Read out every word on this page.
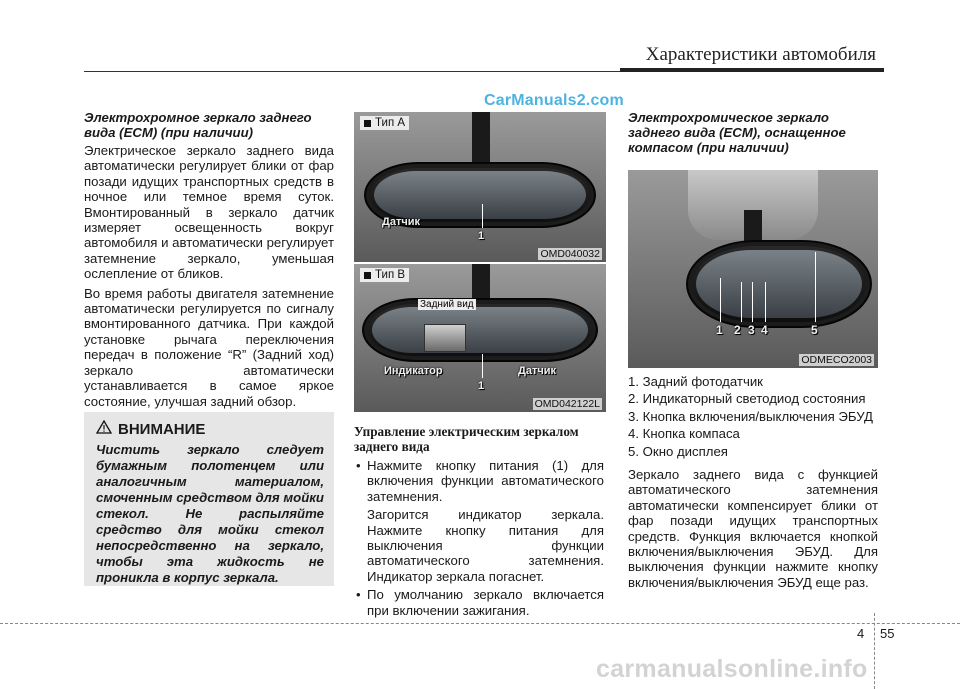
Характеристики автомобиля
CarManuals2.com
Электрохромное зеркало заднего вида (ECM) (при наличии)

Электрическое зеркало заднего вида автоматически регулирует блики от фар позади идущих транспортных средств в ночное или темное время суток. Вмонтированный в зеркало датчик измеряет освещенность вокруг автомобиля и автоматически регулирует затемнение зеркало, уменьшая ослепление от бликов.

Во время работы двигателя затемнение автоматически регулируется по сигналу вмонтированного датчика. При каждой установке рычага переключения передач в положение “R” (Задний ход) зеркало автоматически устанавливается в самое яркое состояние, улучшая задний обзор.

ВНИМАНИЕ

Чистить зеркало следует бумажным полотенцем или аналогичным материалом, смоченным средством для мойки стекол. Не распыляйте средство для мойки стекол непосредственно на зеркало, чтобы эта жидкость не проникла в корпус зеркала.

Тип A
Датчик
1
OMD040032
Тип B
Задний вид
Индикатор	Датчик
1
OMD042122L
Управление электрическим зеркалом заднего вида
• Нажмите кнопку питания (1) для включения функции автоматического затемнения.

Загорится индикатор зеркала. Нажмите кнопку питания для выключения функции автоматического затемнения. Индикатор зеркала погаснет.

• По умолчанию зеркало включается при включении зажигания.
Электрохромическое зеркало заднего вида (ECM), оснащенное компасом (при наличии)
1 2 3 4	5
ODMECO2003
1. Задний фотодатчик
2. Индикаторный светодиод состояния
3. Кнопка включения/выключения ЭБУД
4. Кнопка компаса
5. Окно дисплея

Зеркало заднего вида с функцией автоматического затемнения автоматически компенсирует блики от фар позади идущих транспортных средств. Функция включается кнопкой включения/выключения ЭБУД. Для выключения функции нажмите кнопку включения/выключения ЭБУД еще раз.

4 55
carmanualsonline.info
